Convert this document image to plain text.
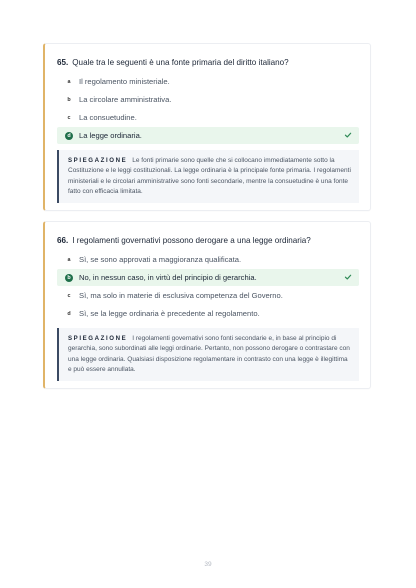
65. Quale tra le seguenti è una fonte primaria del diritto italiano?
a	Il regolamento ministeriale.
b	La circolare amministrativa.
c	La consuetudine.
d	La legge ordinaria.
SPIEGAZIONE Le fonti primarie sono quelle che si collocano immediatamente sotto la Costituzione e le leggi costituzionali. La legge ordinaria è la principale fonte primaria. I regolamenti ministeriali e le circolari amministrative sono fonti secondarie, mentre la consuetudine è una fonte fatto con efficacia limitata.
66. I regolamenti governativi possono derogare a una legge ordinaria?
a	Sì, se sono approvati a maggioranza qualificata.
b	No, in nessun caso, in virtù del principio di gerarchia.
c	Sì, ma solo in materie di esclusiva competenza del Governo.
d	Sì, se la legge ordinaria è precedente al regolamento.
SPIEGAZIONE I regolamenti governativi sono fonti secondarie e, in base al principio di gerarchia, sono subordinati alle leggi ordinarie. Pertanto, non possono derogare o contrastare con una legge ordinaria. Qualsiasi disposizione regolamentare in contrasto con una legge è illegittima e può essere annullata.
39
